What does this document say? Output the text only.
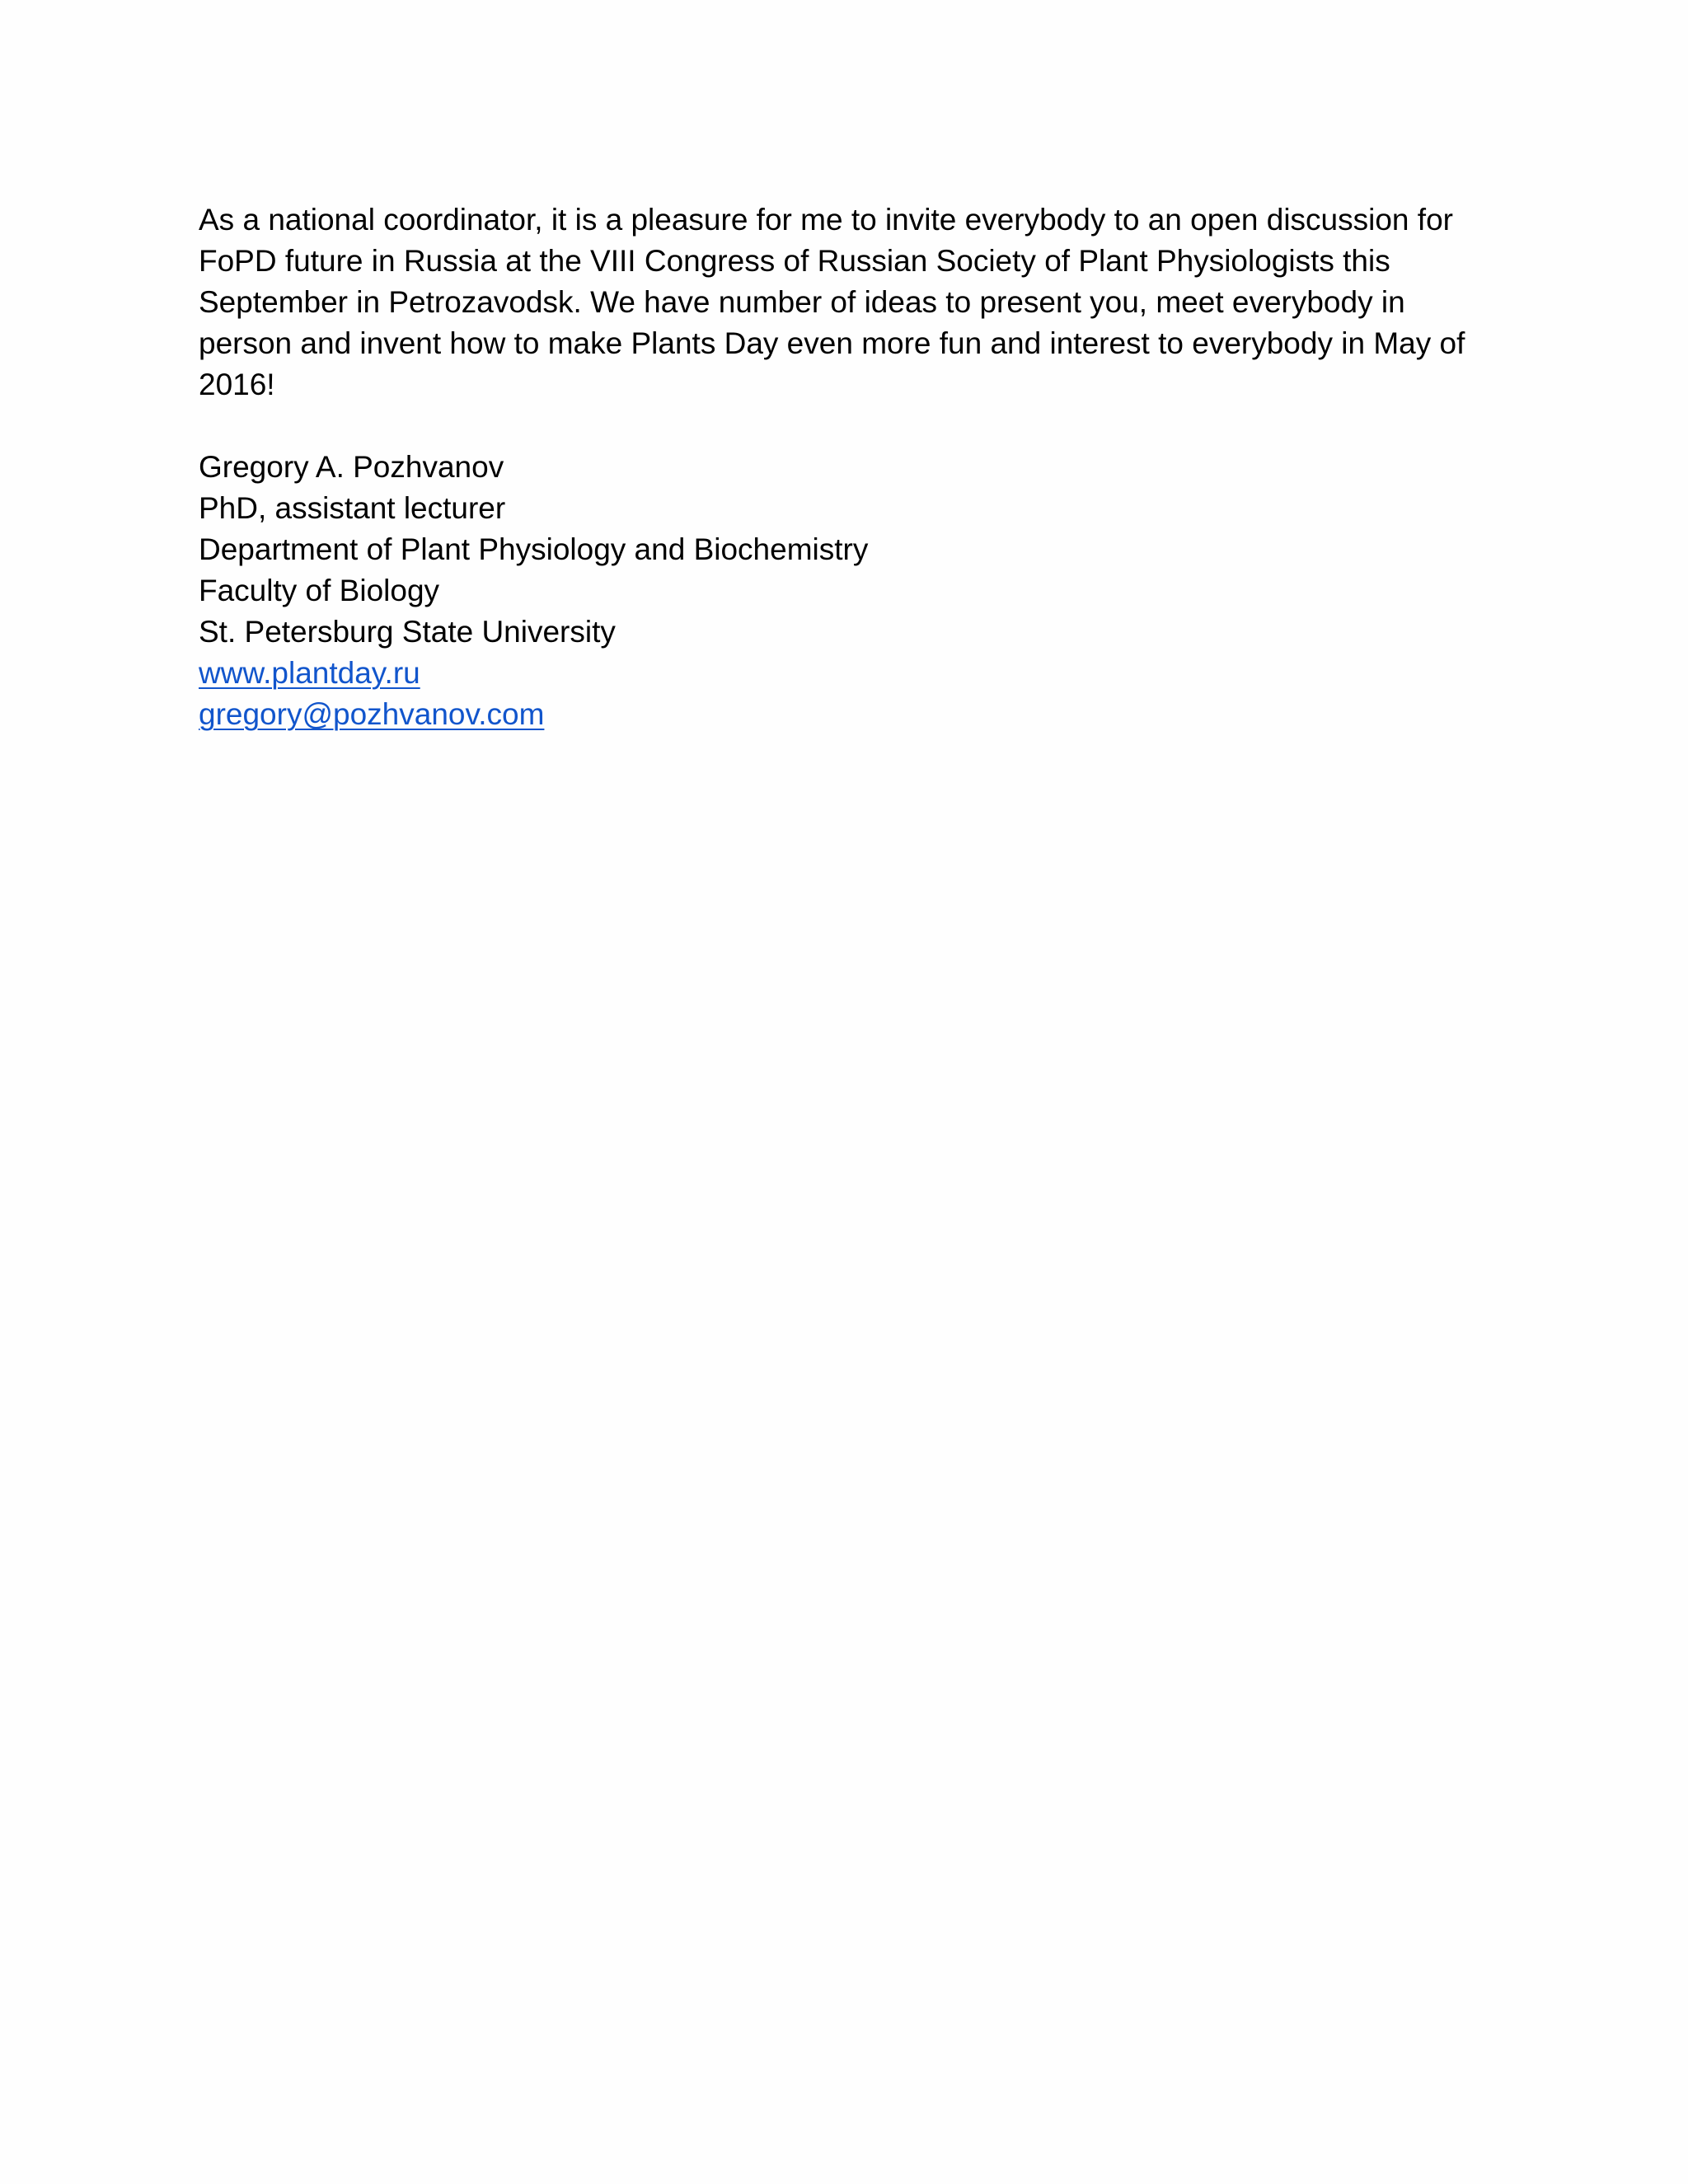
As a national coordinator, it is a pleasure for me to invite everybody to an open discussion for FoPD future in Russia at the VIII Congress of Russian Society of Plant Physiologists this September in Petrozavodsk. We have number of ideas to present you, meet everybody in person and invent how to make Plants Day even more fun and interest to everybody in May of 2016!

Gregory A. Pozhvanov
PhD, assistant lecturer
Department of Plant Physiology and Biochemistry
Faculty of Biology
St. Petersburg State University
www.plantday.ru
gregory@pozhvanov.com
